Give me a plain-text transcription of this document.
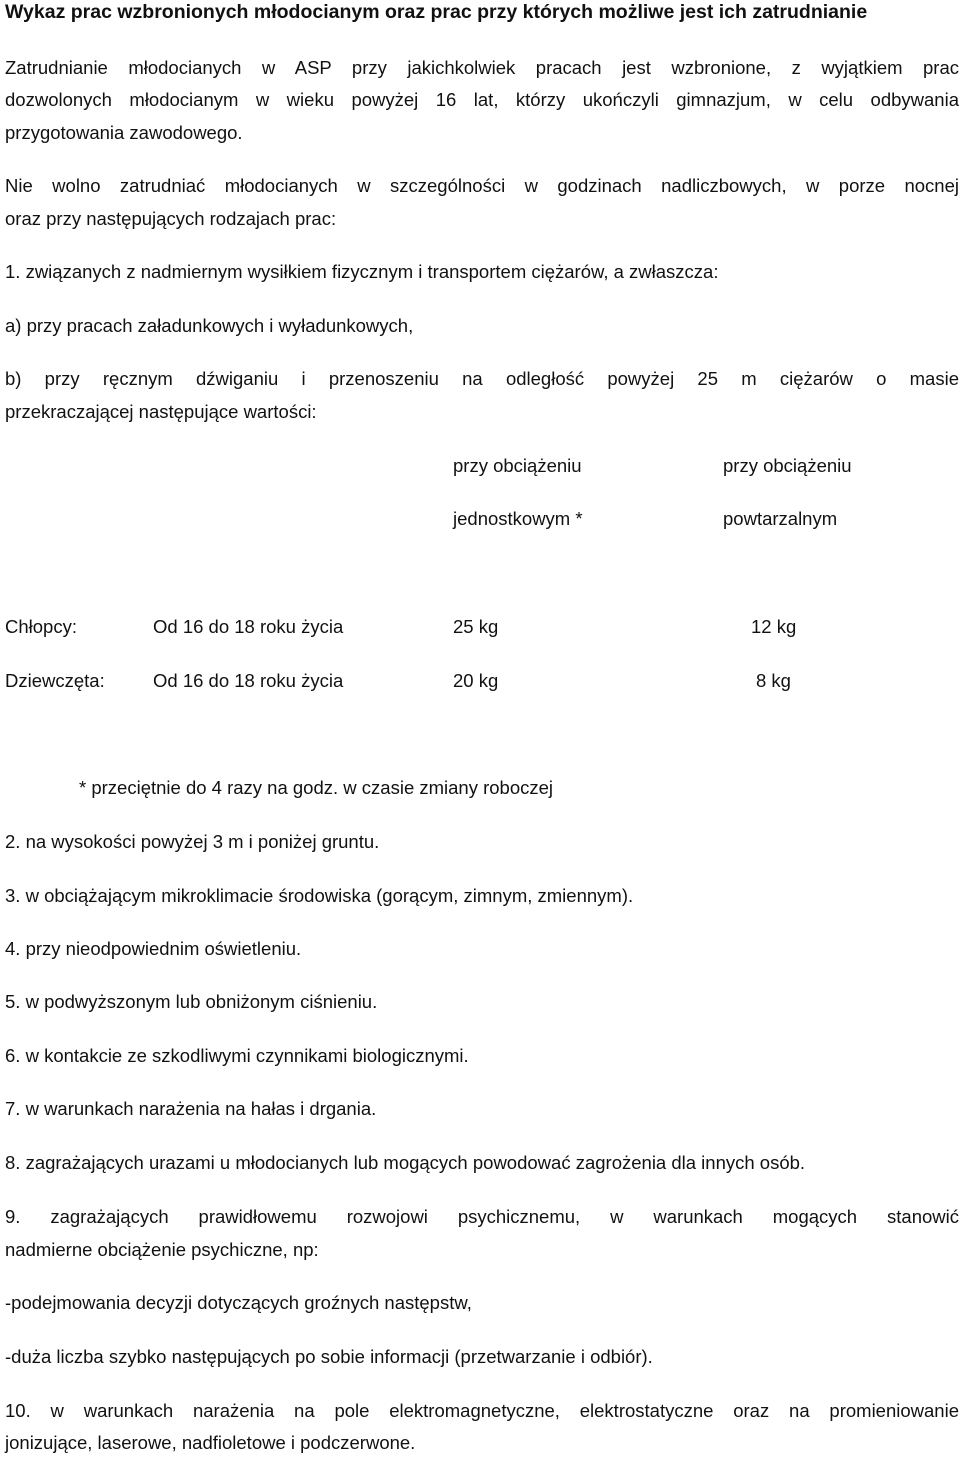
Wykaz prac wzbronionych młodocianym oraz prac przy których możliwe jest ich zatrudnianie
Zatrudnianie młodocianych w ASP przy jakichkolwiek pracach jest wzbronione, z wyjątkiem prac
dozwolonych młodocianym w wieku powyżej 16 lat, którzy ukończyli gimnazjum, w celu odbywania
przygotowania zawodowego.
Nie wolno zatrudniać młodocianych w szczególności w godzinach nadliczbowych, w porze nocnej
oraz przy następujących rodzajach prac:
1. związanych z nadmiernym wysiłkiem fizycznym i transportem ciężarów, a zwłaszcza:
a) przy pracach załadunkowych i wyładunkowych,
b) przy ręcznym dźwiganiu i przenoszeniu na odległość powyżej 25 m ciężarów o masie
przekraczającej następujące wartości:
przy obciążeniu	przy obciążeniu
jednostkowym *	powtarzalnym
Chłopcy:	Od 16 do 18 roku życia	25 kg	12 kg
Dziewczęta:	Od 16 do 18 roku życia	20 kg	8 kg
* przeciętnie do 4 razy na godz. w czasie zmiany roboczej
2. na wysokości powyżej 3 m i poniżej gruntu.
3. w obciążającym mikroklimacie środowiska (gorącym, zimnym, zmiennym).
4. przy nieodpowiednim oświetleniu.
5. w podwyższonym lub obniżonym ciśnieniu.
6. w kontakcie ze szkodliwymi czynnikami biologicznymi.
7. w warunkach narażenia na hałas i drgania.
8. zagrażających urazami u młodocianych lub mogących powodować zagrożenia dla innych osób.
9. zagrażających prawidłowemu rozwojowi psychicznemu, w warunkach mogących stanowić
nadmierne obciążenie psychiczne, np:
-podejmowania decyzji dotyczących groźnych następstw,
-duża liczba szybko następujących po sobie informacji (przetwarzanie i odbiór).
10. w warunkach narażenia na pole elektromagnetyczne, elektrostatyczne oraz na promieniowanie
jonizujące, laserowe, nadfioletowe i podczerwone.
